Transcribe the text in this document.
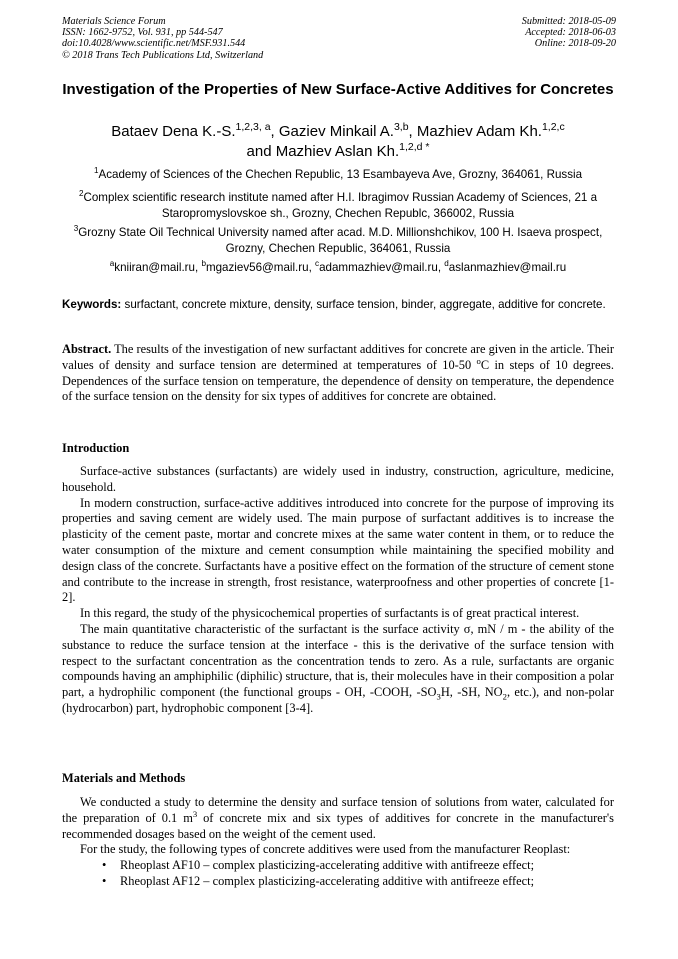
Materials Science Forum
ISSN: 1662-9752, Vol. 931, pp 544-547
doi:10.4028/www.scientific.net/MSF.931.544
© 2018 Trans Tech Publications Ltd, Switzerland
Submitted: 2018-05-09
Accepted: 2018-06-03
Online: 2018-09-20
Investigation of the Properties of New Surface-Active Additives for Concretes
Bataev Dena K.-S.$^{1,2,3, a}$, Gaziev Minkail A.$^{3,b}$, Mazhiev Adam Kh.$^{1,2,c}$
and Mazhiev Aslan Kh.$^{1,2,d *}$
$^1$Academy of Sciences of the Chechen Republic, 13 Esambayeva Ave, Grozny, 364061, Russia
$^2$Complex scientific research institute named after H.I. Ibragimov Russian Academy of Sciences, 21 a Staropromyslovskoe sh., Grozny, Chechen Republc, 366002, Russia
$^3$Grozny State Oil Technical University named after acad. M.D. Millionshchikov, 100 H. Isaeva prospect, Grozny, Chechen Republic, 364061, Russia
$^a$kniiran@mail.ru, $^b$mgaziev56@mail.ru, $^c$adammazhiev@mail.ru, $^d$aslanmazhiev@mail.ru
Keywords: surfactant, concrete mixture, density, surface tension, binder, aggregate, additive for concrete.
Abstract. The results of the investigation of new surfactant additives for concrete are given in the article. Their values of density and surface tension are determined at temperatures of 10-50 $^o$C in steps of 10 degrees. Dependences of the surface tension on temperature, the dependence of density on temperature, the dependence of the surface tension on the density for six types of additives for concrete are obtained.
Introduction

Surface-active substances (surfactants) are widely used in industry, construction, agriculture, medicine, household.

In modern construction, surface-active additives introduced into concrete for the purpose of improving its properties and saving cement are widely used. The main purpose of surfactant additives is to increase the plasticity of the cement paste, mortar and concrete mixes at the same water content in them, or to reduce the water consumption of the mixture and cement consumption while maintaining the specified mobility and design class of the concrete. Surfactants have a positive effect on the formation of the structure of cement stone and contribute to the increase in strength, frost resistance, waterproofness and other properties of concrete [1-2].

In this regard, the study of the physicochemical properties of surfactants is of great practical interest.

The main quantitative characteristic of the surfactant is the surface activity σ, mN / m - the ability of the substance to reduce the surface tension at the interface - this is the derivative of the surface tension with respect to the surfactant concentration as the concentration tends to zero. As a rule, surfactants are organic compounds having an amphiphilic (diphilic) structure, that is, their molecules have in their composition a polar part, a hydrophilic component (the functional groups - OH, -COOH, $-SO_3H$, -SH, $NO_2$, etc.), and non-polar (hydrocarbon) part, hydrophobic component [3-4].

Materials and Methods

We conducted a study to determine the density and surface tension of solutions from water, calculated for the preparation of 0.1 $m^3$ of concrete mix and six types of additives for concrete in the manufacturer's recommended dosages based on the weight of the cement used.

For the study, the following types of concrete additives were used from the manufacturer Reoplast:

• Rheoplast AF10 – complex plasticizing-accelerating additive with antifreeze effect;
• Rheoplast AF12 – complex plasticizing-accelerating additive with antifreeze effect;
